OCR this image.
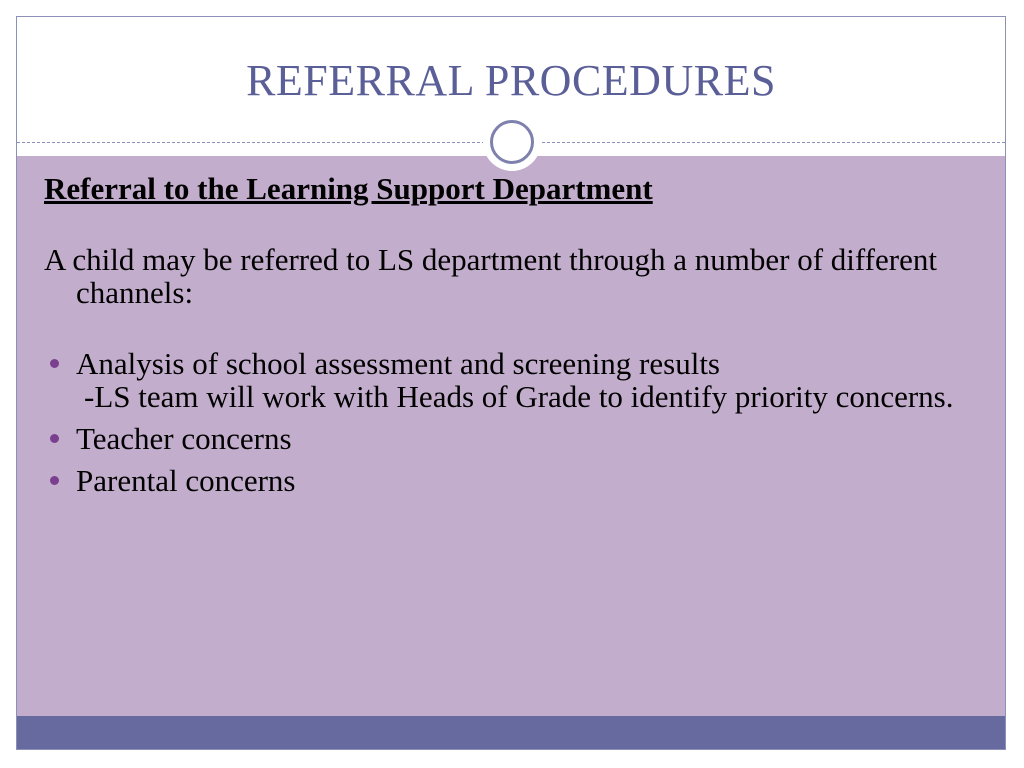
REFERRAL PROCEDURES

Referral to the Learning Support Department

A child may be referred to LS department through a number of different channels:

Analysis of school assessment and screening results
-LS team will work with Heads of Grade to identify priority concerns.
Teacher concerns
Parental concerns
